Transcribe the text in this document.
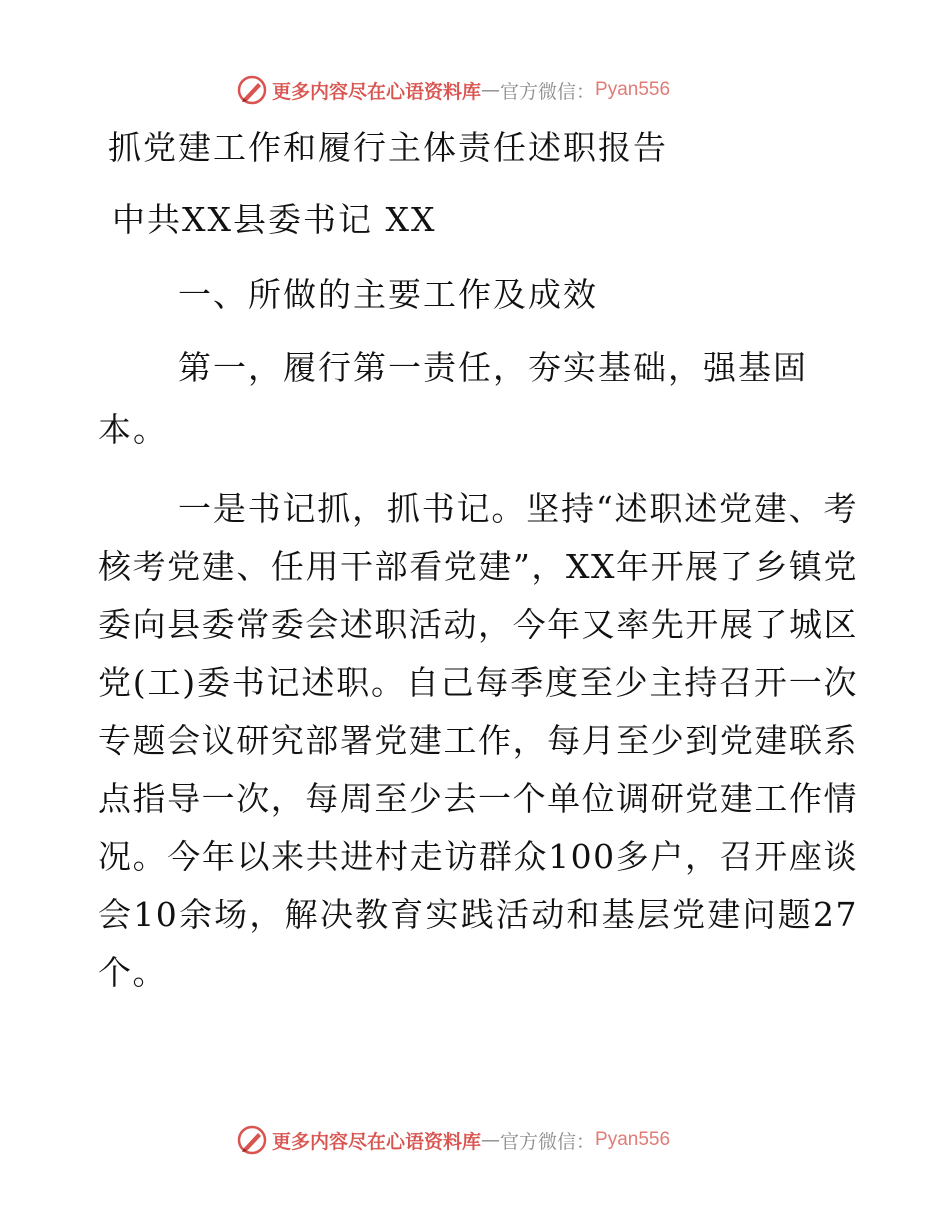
更多内容尽在心语资料库 — 官方微信： Pyan556
抓党建工作和履行主体责任述职报告

中共XX县委书记 XX

一、所做的主要工作及成效

第一，履行第一责任，夯实基础，强基固

本。

一是书记抓，抓书记。坚持“述职述党建、考核考党建、任用干部看党建”，XX年开展了乡镇党委向县委常委会述职活动，今年又率先开展了城区党(工)委书记述职。自己每季度至少主持召开一次专题会议研究部署党建工作，每月至少到党建联系点指导一次，每周至少去一个单位调研党建工作情况。今年以来共进村走访群众100多户，召开座谈会10余场，解决教育实践活动和基层党建问题27个。

更多内容尽在心语资料库 — 官方微信： Pyan556
